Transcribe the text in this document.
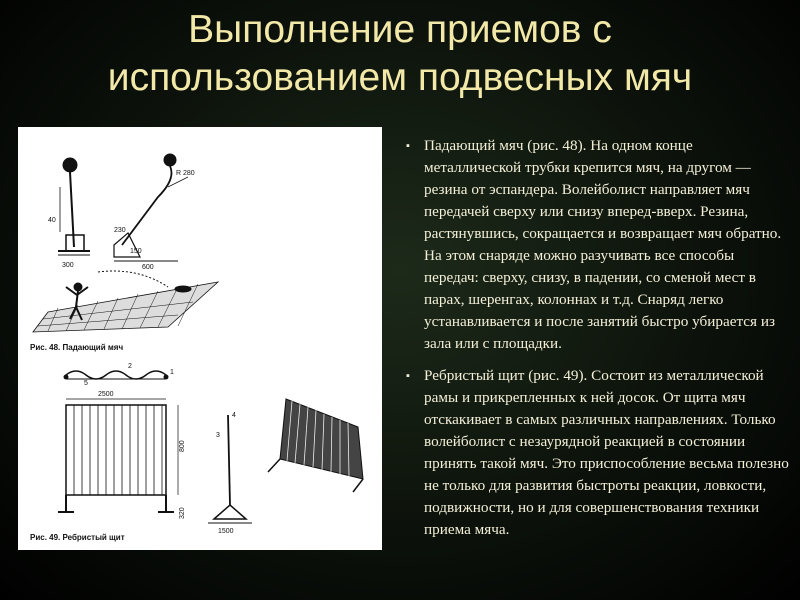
Выполнение приемов с
использованием подвесных мяч
40
300
R 280
230
150
600
Рис. 48. Падающий мяч
5
2
1
2500
800
320
4
3
1500
Рис. 49. Ребристый щит
▪ Падающий мяч (рис. 48). На одном конце металлической трубки крепится мяч, на другом — резина от эспандера. Волейболист направляет мяч передачей сверху или снизу вперед-вверх. Резина, растянувшись, сокращается и возвращает мяч обратно. На этом снаряде можно разучивать все способы передач: сверху, снизу, в падении, со сменой мест в парах, шеренгах, колоннах и т.д. Снаряд легко устанавливается и после занятий быстро убирается из зала или с площадки.
▪ Ребристый щит (рис. 49). Состоит из металлической рамы и прикрепленных к ней досок. От щита мяч отскакивает в самых различных направлениях. Только волейболист с незаурядной реакцией в состоянии принять такой мяч. Это приспособление весьма полезно не только для развития быстроты реакции, ловкости, подвижности, но и для совершенствования техники приема мяча.
